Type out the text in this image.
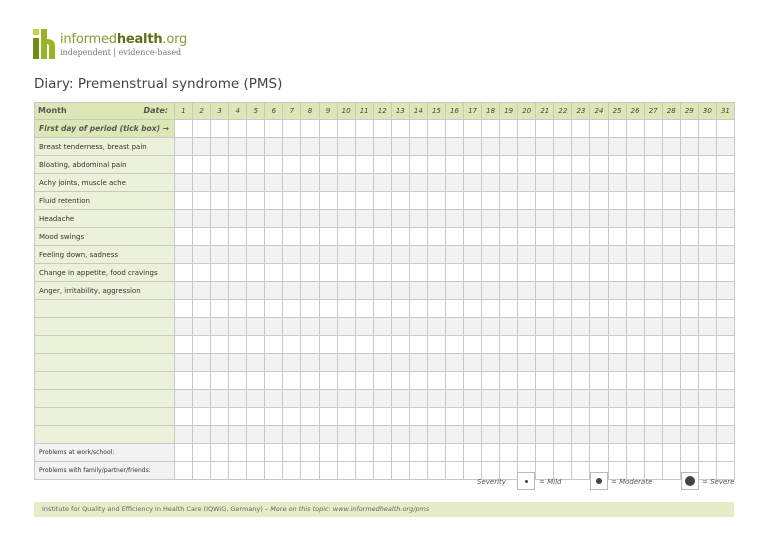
informedhealth.org
independent | evidence-based
Diary: Premenstrual syndrome (PMS)
Month Date:	1	2	3	4	5	6	7	8	9	10	11	12	13	14	15	16	17	18	19	20	21	22	23	24	25	26	27	28	29	30	31
First day of period (tick box) →																															
Breast tenderness, breast pain																															
Bloating, abdominal pain																															
Achy joints, muscle ache																															
Fluid retention																															
Headache																															
Mood swings																															
Feeling down, sadness																															
Change in appetite, food cravings																															
Anger, irritability, aggression																															

Problems at work/school:																															
Problems with family/partner/friends:																															
Severity	= Mild	= Moderate	= Severe
Institute for Quality and Efficiency in Health Care (IQWiG, Germany) – More on this topic: www.informedhealth.org/pms
